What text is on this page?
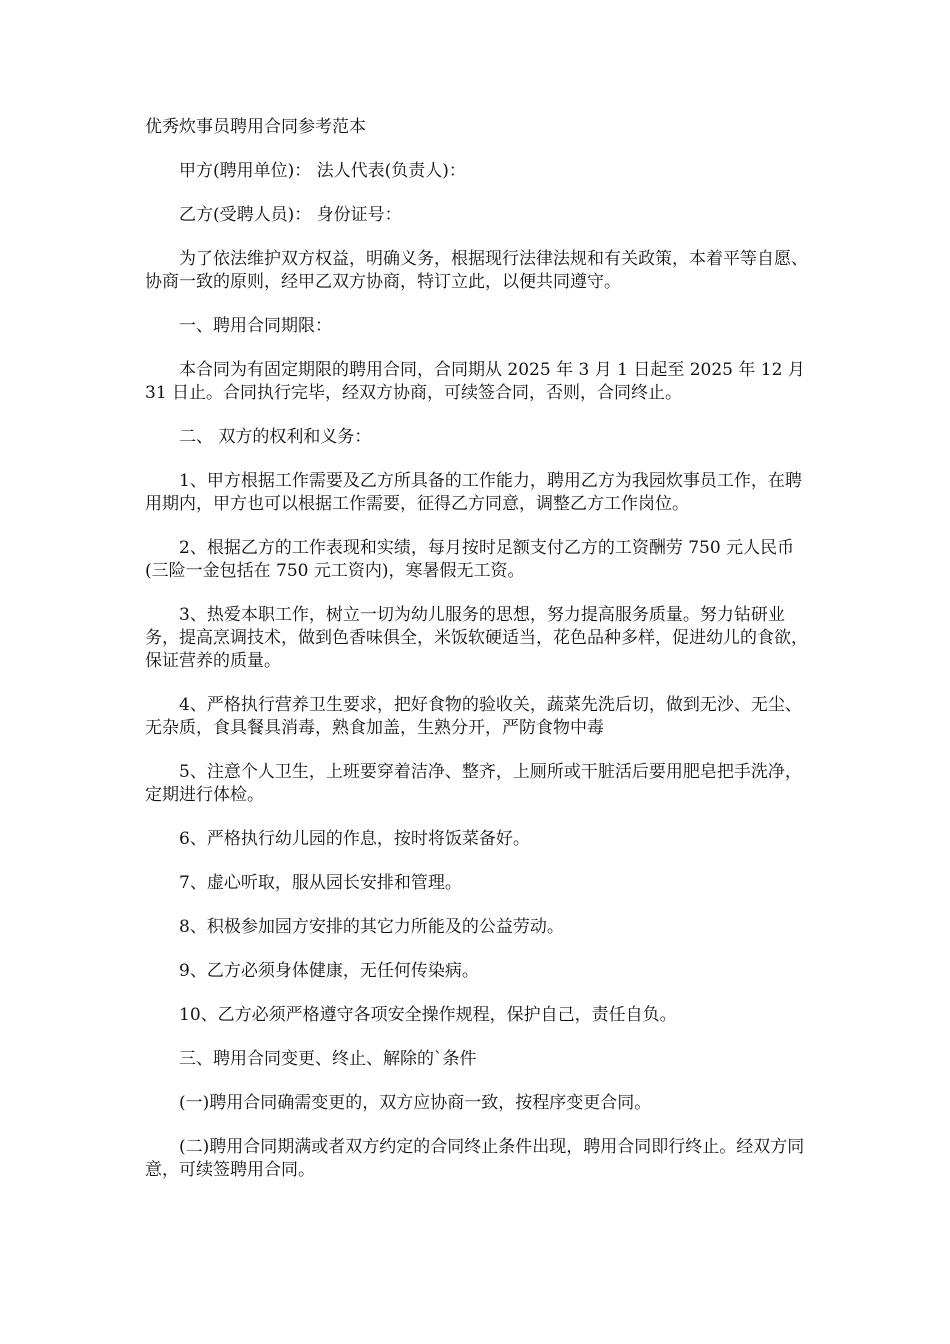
优秀炊事员聘用合同参考范本

甲方(聘用单位)： 法人代表(负责人)：

乙方(受聘人员)： 身份证号：

为了依法维护双方权益，明确义务，根据现行法律法规和有关政策，本着平等自愿、协商一致的原则，经甲乙双方协商，特订立此，以便共同遵守。

一、聘用合同期限：

本合同为有固定期限的聘用合同，合同期从 2025 年 3 月 1 日起至 2025 年 12 月 31 日止。合同执行完毕，经双方协商，可续签合同，否则，合同终止。

二、 双方的权利和义务：

1、甲方根据工作需要及乙方所具备的工作能力，聘用乙方为我园炊事员工作，在聘用期内，甲方也可以根据工作需要，征得乙方同意，调整乙方工作岗位。

2、根据乙方的工作表现和实绩，每月按时足额支付乙方的工资酬劳 750 元人民币(三险一金包括在 750 元工资内)，寒暑假无工资。

3、热爱本职工作，树立一切为幼儿服务的思想，努力提高服务质量。努力钻研业务，提高烹调技术，做到色香味俱全，米饭软硬适当，花色品种多样，促进幼儿的食欲，保证营养的质量。

4、严格执行营养卫生要求，把好食物的验收关，蔬菜先洗后切，做到无沙、无尘、无杂质，食具餐具消毒，熟食加盖，生熟分开，严防食物中毒

5、注意个人卫生，上班要穿着洁净、整齐，上厕所或干脏活后要用肥皂把手洗净，定期进行体检。

6、严格执行幼儿园的作息，按时将饭菜备好。

7、虚心听取，服从园长安排和管理。

8、积极参加园方安排的其它力所能及的公益劳动。

9、乙方必须身体健康，无任何传染病。

10、乙方必须严格遵守各项安全操作规程，保护自己，责任自负。

三、聘用合同变更、终止、解除的`条件

(一)聘用合同确需变更的，双方应协商一致，按程序变更合同。

(二)聘用合同期满或者双方约定的合同终止条件出现，聘用合同即行终止。经双方同意，可续签聘用合同。
